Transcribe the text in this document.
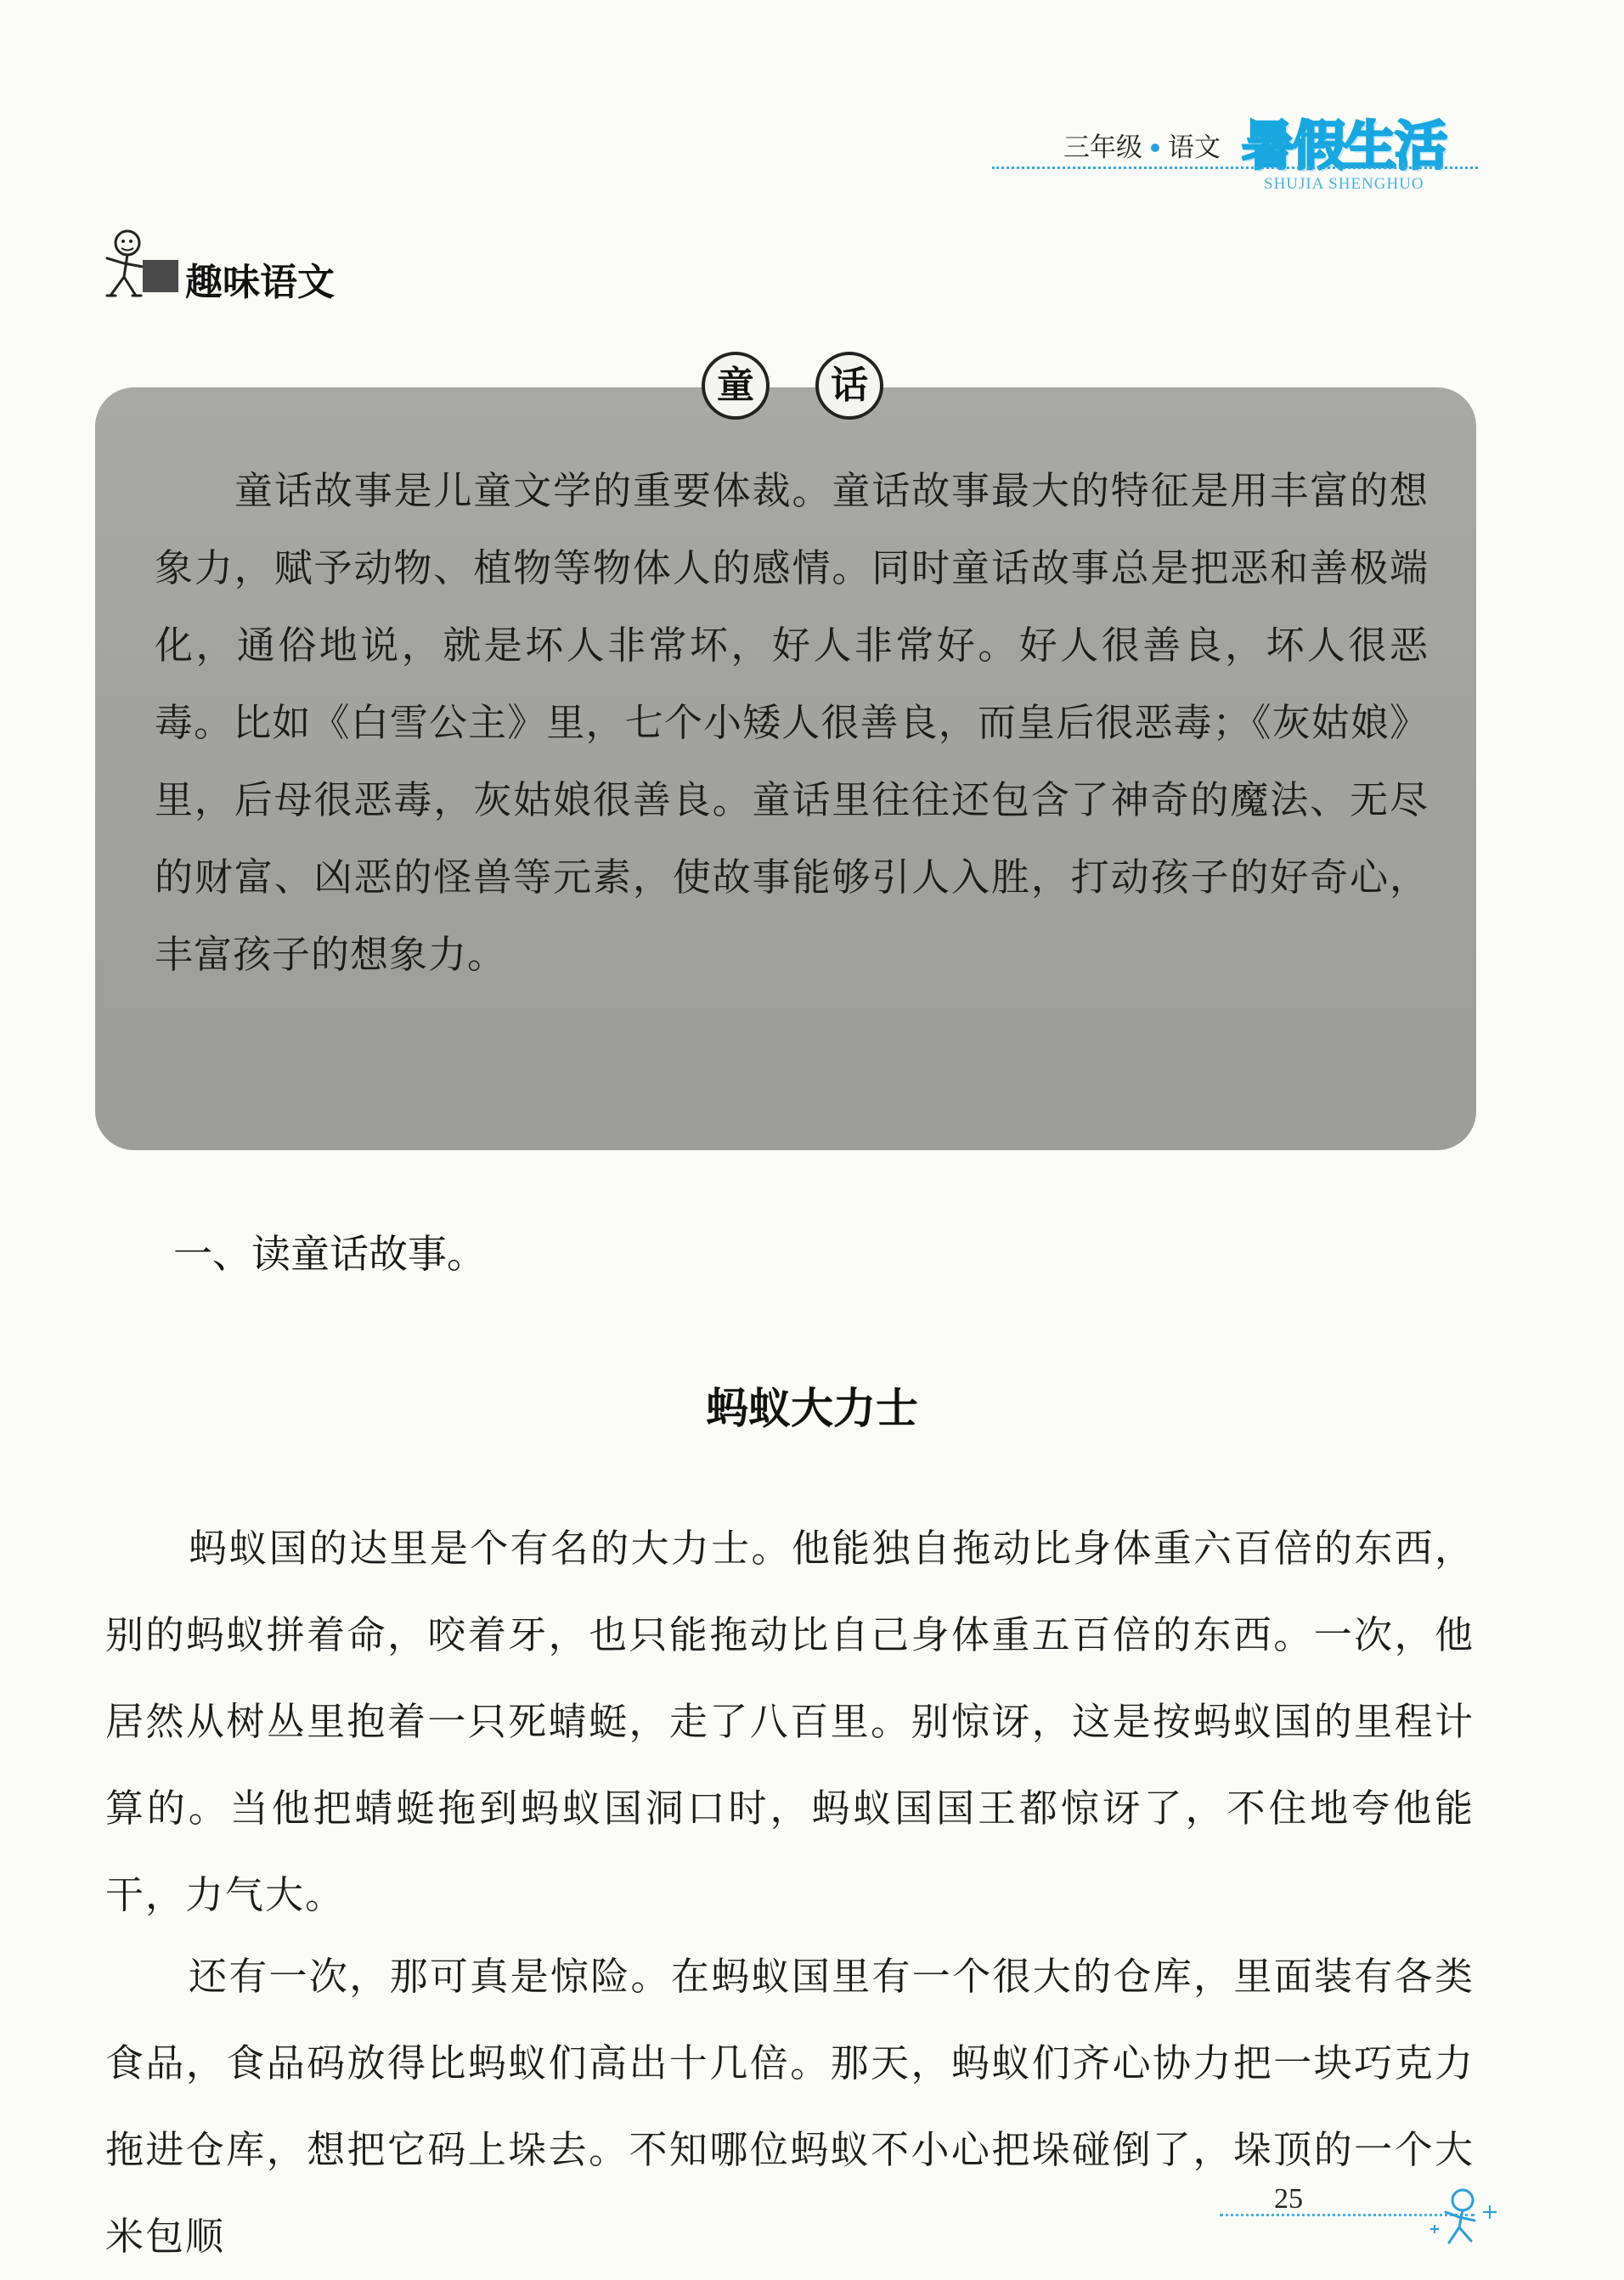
三年级 语文 暑假生活
SHUJIA SHENGHUO
趣味语文
童	话

童话故事是儿童文学的重要体裁。童话故事最大的特征是用丰富的想象力，赋予动物、植物等物体人的感情。同时童话故事总是把恶和善极端化，通俗地说，就是坏人非常坏，好人非常好。好人很善良，坏人很恶毒。比如《白雪公主》里，七个小矮人很善良，而皇后很恶毒；《灰姑娘》里，后母很恶毒，灰姑娘很善良。童话里往往还包含了神奇的魔法、无尽的财富、凶恶的怪兽等元素，使故事能够引人入胜，打动孩子的好奇心，丰富孩子的想象力。

一、读童话故事。
蚂蚁大力士

蚂蚁国的达里是个有名的大力士。他能独自拖动比身体重六百倍的东西，别的蚂蚁拼着命，咬着牙，也只能拖动比自己身体重五百倍的东西。一次，他居然从树丛里抱着一只死蜻蜓，走了八百里。别惊讶，这是按蚂蚁国的里程计算的。当他把蜻蜓拖到蚂蚁国洞口时，蚂蚁国国王都惊讶了，不住地夸他能干，力气大。

还有一次，那可真是惊险。在蚂蚁国里有一个很大的仓库，里面装有各类食品，食品码放得比蚂蚁们高出十几倍。那天，蚂蚁们齐心协力把一块巧克力拖进仓库，想把它码上垛去。不知哪位蚂蚁不小心把垛碰倒了，垛顶的一个大米包顺

25
